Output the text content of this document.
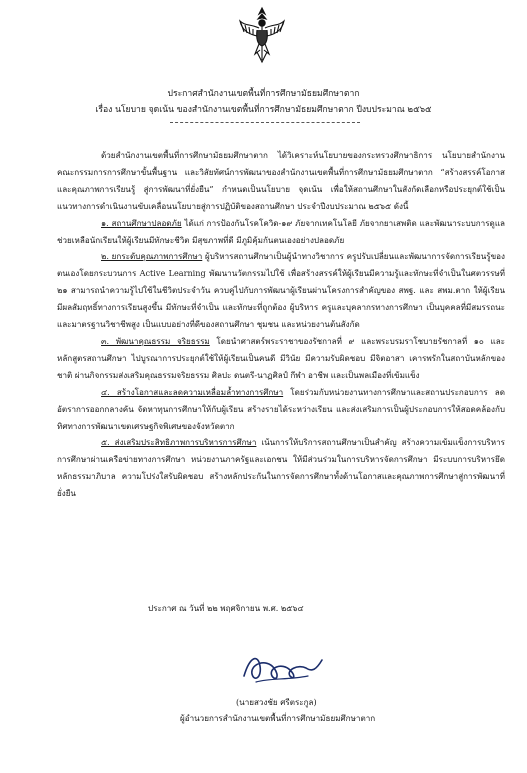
ประกาศสำนักงานเขตพื้นที่การศึกษามัธยมศึกษาตาก
เรื่อง นโยบาย จุดเน้น ของสำนักงานเขตพื้นที่การศึกษามัธยมศึกษาตาก ปีงบประมาณ ๒๕๖๕

ด้วยสำนักงานเขตพื้นที่การศึกษามัธยมศึกษาตาก ได้วิเคราะห์นโยบายของกระทรวงศึกษาธิการ นโยบายสำนักงานคณะกรรมการการศึกษาขั้นพื้นฐาน และวิสัยทัศน์การพัฒนาของสำนักงานเขตพื้นที่การศึกษามัธยมศึกษาตาก “สร้างสรรค์โอกาสและคุณภาพการเรียนรู้ สู่การพัฒนาที่ยั่งยืน” กำหนดเป็นนโยบาย จุดเน้น เพื่อให้สถานศึกษาในสังกัดเลือกหรือประยุกต์ใช้เป็นแนวทางการดำเนินงานขับเคลื่อนนโยบายสู่การปฏิบัติของสถานศึกษา ประจำปีงบประมาณ ๒๕๖๕ ดังนี้

๑. สถานศึกษาปลอดภัย ได้แก่ การป้องกันโรคโควิด-๑๙ ภัยจากเทคโนโลยี ภัยจากยาเสพติด และพัฒนาระบบการดูแลช่วยเหลือนักเรียนให้ผู้เรียนมีทักษะชีวิต มีสุขภาพที่ดี มีภูมิคุ้มกันตนเองอย่างปลอดภัย

๒. ยกระดับคุณภาพการศึกษา ผู้บริหารสถานศึกษาเป็นผู้นำทางวิชาการ ครูปรับเปลี่ยนและพัฒนาการจัดการเรียนรู้ของตนเองโดยกระบวนการ Active Learning พัฒนานวัตกรรมไปใช้ เพื่อสร้างสรรค์ให้ผู้เรียนมีความรู้และทักษะที่จำเป็นในศตวรรษที่ ๒๑ สามารถนำความรู้ไปใช้ในชีวิตประจำวัน ควบคู่ไปกับการพัฒนาผู้เรียนผ่านโครงการสำคัญของ สพฐ. และ สพม.ตาก ให้ผู้เรียนมีผลสัมฤทธิ์ทางการเรียนสูงขึ้น มีทักษะที่จำเป็น และทักษะที่ถูกต้อง ผู้บริหาร ครูและบุคลากรทางการศึกษา เป็นบุคคลที่มีสมรรถนะและมาตรฐานวิชาชีพสูง เป็นแบบอย่างที่ดีของสถานศึกษา ชุมชน และหน่วยงานต้นสังกัด

๓. พัฒนาคุณธรรม จริยธรรม โดยนำศาสตร์พระราชาของรัชกาลที่ ๙ และพระบรมราโชบายรัชกาลที่ ๑๐ และหลักสูตรสถานศึกษา ไปบูรณาการประยุกต์ใช้ให้ผู้เรียนเป็นคนดี มีวินัย มีความรับผิดชอบ มีจิตอาสา เคารพรักในสถาบันหลักของชาติ ผ่านกิจกรรมส่งเสริมคุณธรรมจริยธรรม ศิลปะ ดนตรี-นาฏศิลป์ กีฬา อาชีพ และเป็นพลเมืองที่เข้มแข็ง

๔. สร้างโอกาสและลดความเหลื่อมล้ำทางการศึกษา โดยร่วมกับหน่วยงานทางการศึกษาและสถานประกอบการ ลดอัตราการออกกลางคัน จัดหาทุนการศึกษาให้กับผู้เรียน สร้างรายได้ระหว่างเรียน และส่งเสริมการเป็นผู้ประกอบการให้สอดคล้องกับทิศทางการพัฒนาเขตเศรษฐกิจพิเศษของจังหวัดตาก

๕. ส่งเสริมประสิทธิภาพการบริหารการศึกษา เน้นการให้บริการสถานศึกษาเป็นสำคัญ สร้างความเข้มแข็งการบริหารการศึกษาผ่านเครือข่ายทางการศึกษา หน่วยงานภาครัฐและเอกชน ให้มีส่วนร่วมในการบริหารจัดการศึกษา มีระบบการบริหารยึดหลักธรรมาภิบาล ความโปร่งใสรับผิดชอบ สร้างหลักประกันในการจัดการศึกษาทั้งด้านโอกาสและคุณภาพการศึกษาสู่การพัฒนาที่ยั่งยืน

ประกาศ ณ วันที่ ๒๒ พฤศจิกายน พ.ศ. ๒๕๖๔
(นายสวงชัย ศรีตระกูล)
ผู้อำนวยการสำนักงานเขตพื้นที่การศึกษามัธยมศึกษาตาก
